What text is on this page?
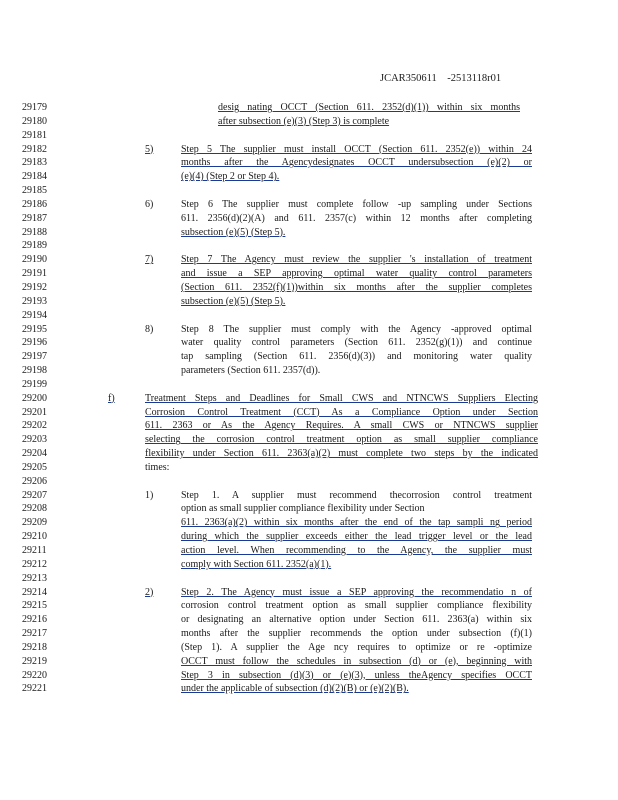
JCAR350611 -2513118r01
29179	desig nating OCCT (Section 611. 2352(d)(1)) within six months
29180	after subsection (e)(3) (Step 3) is complete
29181
29182	5)	Step 5 The supplier must install OCCT (Section 611. 2352(e)) within 24
29183	months after the Agencydesignates OCCT undersubsection (e)(2) or
29184	(e)(4) (Step 2 or Step 4).
29185
29186	6)	Step 6 The supplier must complete follow -up sampling under Sections
29187	611. 2356(d)(2)(A) and 611. 2357(c) within 12 months after completing
29188	subsection (e)(5) (Step 5).
29189
29190	7)	Step 7 The Agency must review the supplier 's installation of treatment
29191	and issue a SEP approving optimal water quality control parameters
29192	(Section 611. 2352(f)(1))within six months after the supplier completes
29193	subsection (e)(5) (Step 5).
29194
29195	8)	Step 8 The supplier must comply with the Agency -approved optimal
29196	water quality control parameters (Section 611. 2352(g)(1)) and continue
29197	tap sampling (Section 611. 2356(d)(3)) and monitoring water quality
29198	parameters (Section 611. 2357(d)).
29199
29200	f)	Treatment Steps and Deadlines for Small CWS and NTNCWS Suppliers Electing
29201	Corrosion Control Treatment (CCT) As a Compliance Option under Section
29202	611. 2363 or As the Agency Requires. A small CWS or NTNCWS supplier
29203	selecting the corrosion control treatment option as small supplier compliance
29204	flexibility under Section 611. 2363(a)(2) must complete two steps by the indicated
29205	times:
29206
29207	1)	Step 1. A supplier must recommend thecorrosion control treatment
29208	option as small supplier compliance flexibility under Section
29209	611. 2363(a)(2) within six months after the end of the tap sampli ng period
29210	during which the supplier exceeds either the lead trigger level or the lead
29211	action level. When recommending to the Agency, the supplier must
29212	comply with Section 611. 2352(a)(1).
29213
29214	2)	Step 2. The Agency must issue a SEP approving the recommendatio n of
29215	corrosion control treatment option as small supplier compliance flexibility
29216	or designating an alternative option under Section 611. 2363(a) within six
29217	months after the supplier recommends the option under subsection (f)(1)
29218	(Step 1). A supplier the Age ncy requires to optimize or re -optimize
29219	OCCT must follow the schedules in subsection (d) or (e), beginning with
29220	Step 3 in subsection (d)(3) or (e)(3), unless theAgency specifies OCCT
29221	under the applicable of subsection (d)(2)(B) or (e)(2)(B).
